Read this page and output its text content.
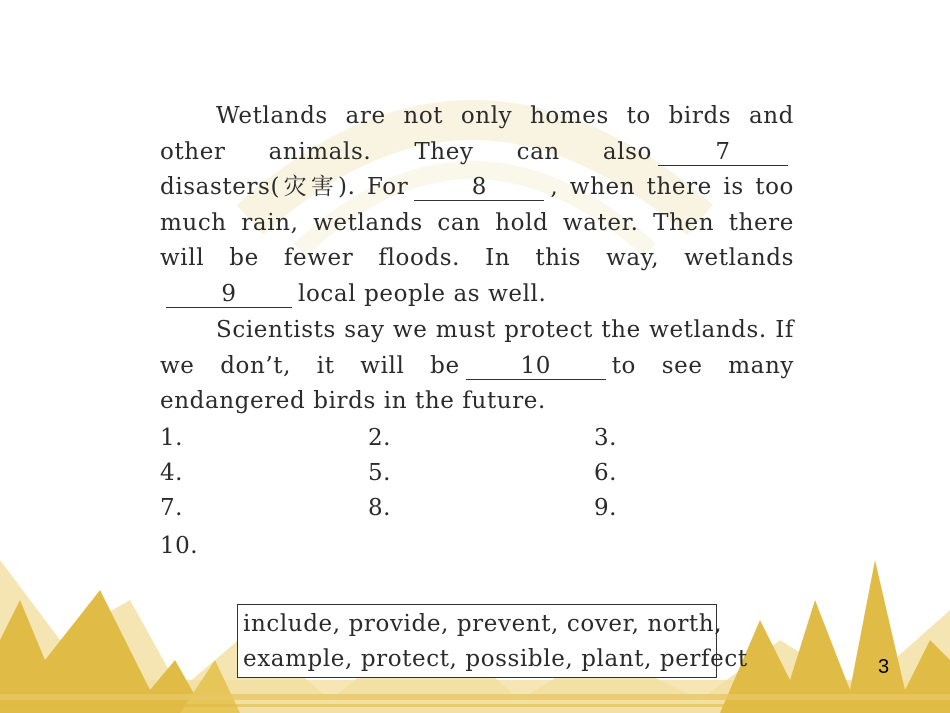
Wetlands are not only homes to birds and other animals. They can also	7disasters(灾害). For	8	, when there is too much rain, wetlands can hold water. Then there will be fewer floods. In this way, wetlands9	local people as well.

Scientists say we must protect the wetlands. If we don’t, it will be	10	to see many endangered birds in the future.

1.	2.	3.
4.	5.	6.
7.	8.	9.
10.
include, provide, prevent, cover, north,
example, protect, possible, plant, perfect	3
